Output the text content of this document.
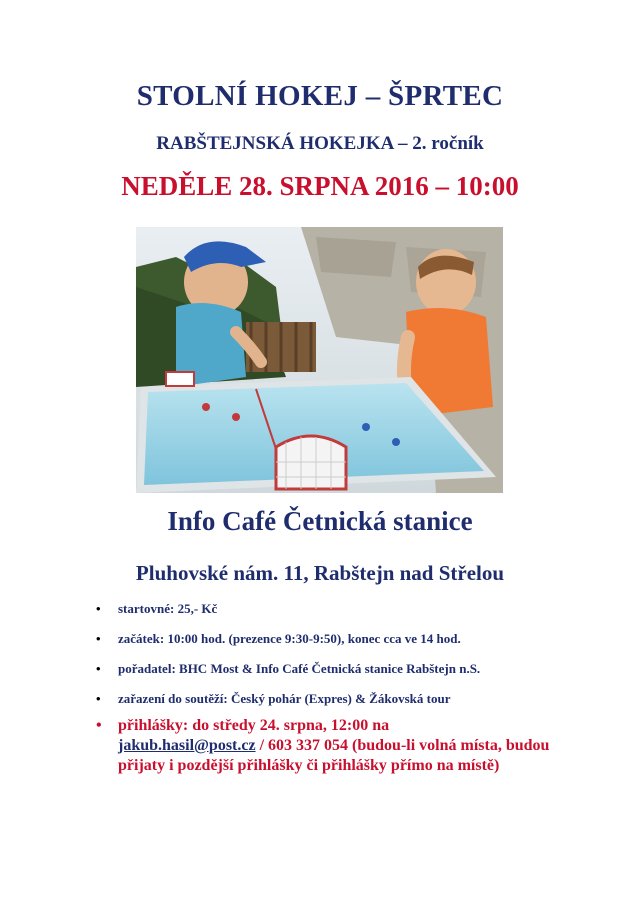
STOLNÍ HOKEJ – ŠPRTEC
RABŠTEJNSKÁ HOKEJKA – 2. ročník
NEDĚLE 28. SRPNA 2016 – 10:00
Info Café Četnická stanice
Pluhovské nám. 11, Rabštejn nad Střelou
• startovné: 25,- Kč
• začátek: 10:00 hod. (prezence 9:30-9:50), konec cca ve 14 hod.
• pořadatel: BHC Most & Info Café Četnická stanice Rabštejn n.S.
• zařazení do soutěží: Český pohár (Expres) & Žákovská tour
• přihlášky: do středy 24. srpna, 12:00 na
jakub.hasil@post.cz / 603 337 054 (budou-li volná místa, budou přijaty i pozdější přihlášky či přihlášky přímo na místě)
